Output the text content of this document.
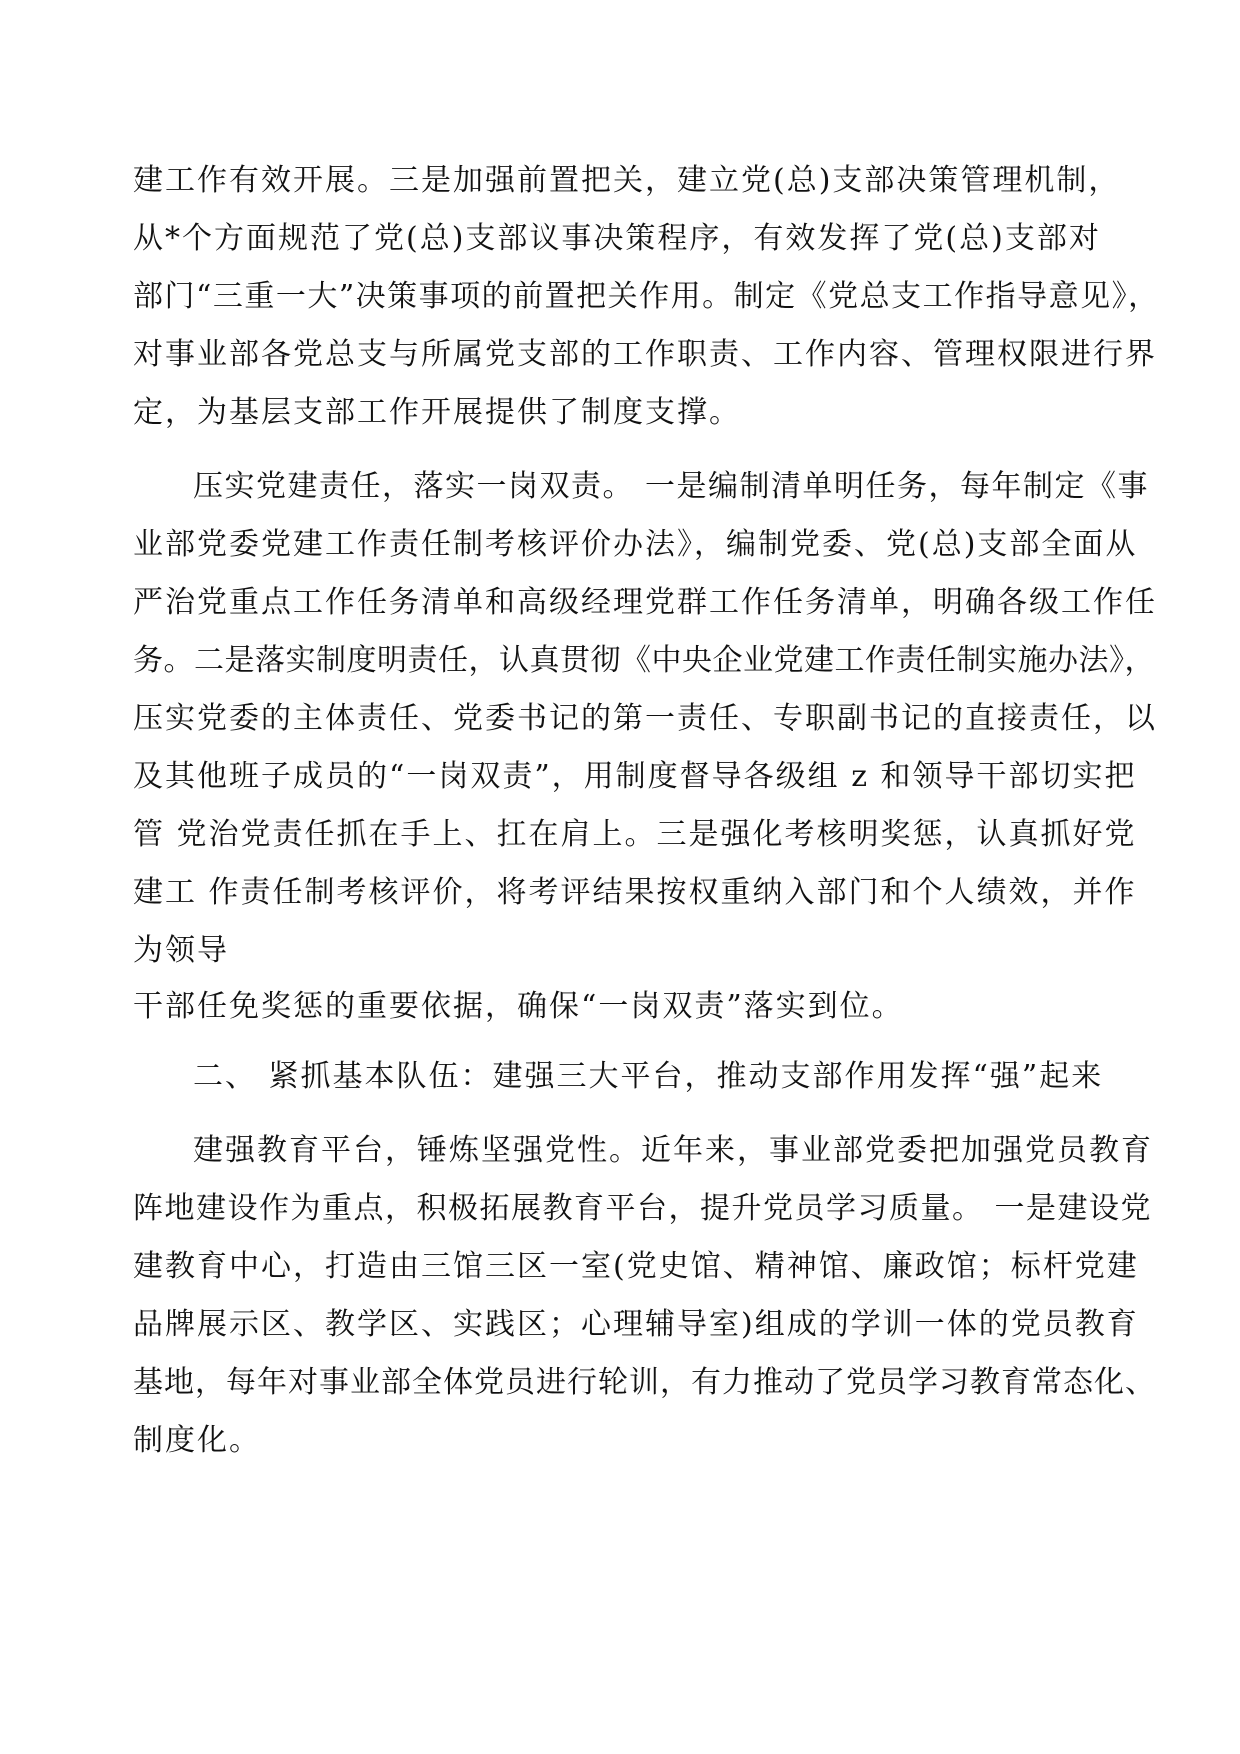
建工作有效开展。三是加强前置把关，建立党(总)支部决策管理机制，
从*个方面规范了党(总)支部议事决策程序，有效发挥了党(总)支部对
部门“三重一大”决策事项的前置把关作用。制定《党总支工作指导意见》，
对事业部各党总支与所属党支部的工作职责、工作内容、管理权限进行界
定，为基层支部工作开展提供了制度支撑。
压实党建责任，落实一岗双责。 一是编制清单明任务，每年制定《事
业部党委党建工作责任制考核评价办法》，编制党委、党(总)支部全面从
严治党重点工作任务清单和高级经理党群工作任务清单，明确各级工作任
务。二是落实制度明责任，认真贯彻《中央企业党建工作责任制实施办法》，
压实党委的主体责任、党委书记的第一责任、专职副书记的直接责任，以
及其他班子成员的“一岗双责”，用制度督导各级组 z 和领导干部切实把
管 党治党责任抓在手上、扛在肩上。三是强化考核明奖惩，认真抓好党
建工 作责任制考核评价，将考评结果按权重纳入部门和个人绩效，并作
为领导
干部任免奖惩的重要依据，确保“一岗双责”落实到位。
二、 紧抓基本队伍：建强三大平台，推动支部作用发挥“强”起来
建强教育平台，锤炼坚强党性。近年来，事业部党委把加强党员教育
阵地建设作为重点，积极拓展教育平台，提升党员学习质量。 一是建设党
建教育中心，打造由三馆三区一室(党史馆、精神馆、廉政馆；标杆党建
品牌展示区、教学区、实践区；心理辅导室)组成的学训一体的党员教育
基地，每年对事业部全体党员进行轮训，有力推动了党员学习教育常态化、
制度化。
